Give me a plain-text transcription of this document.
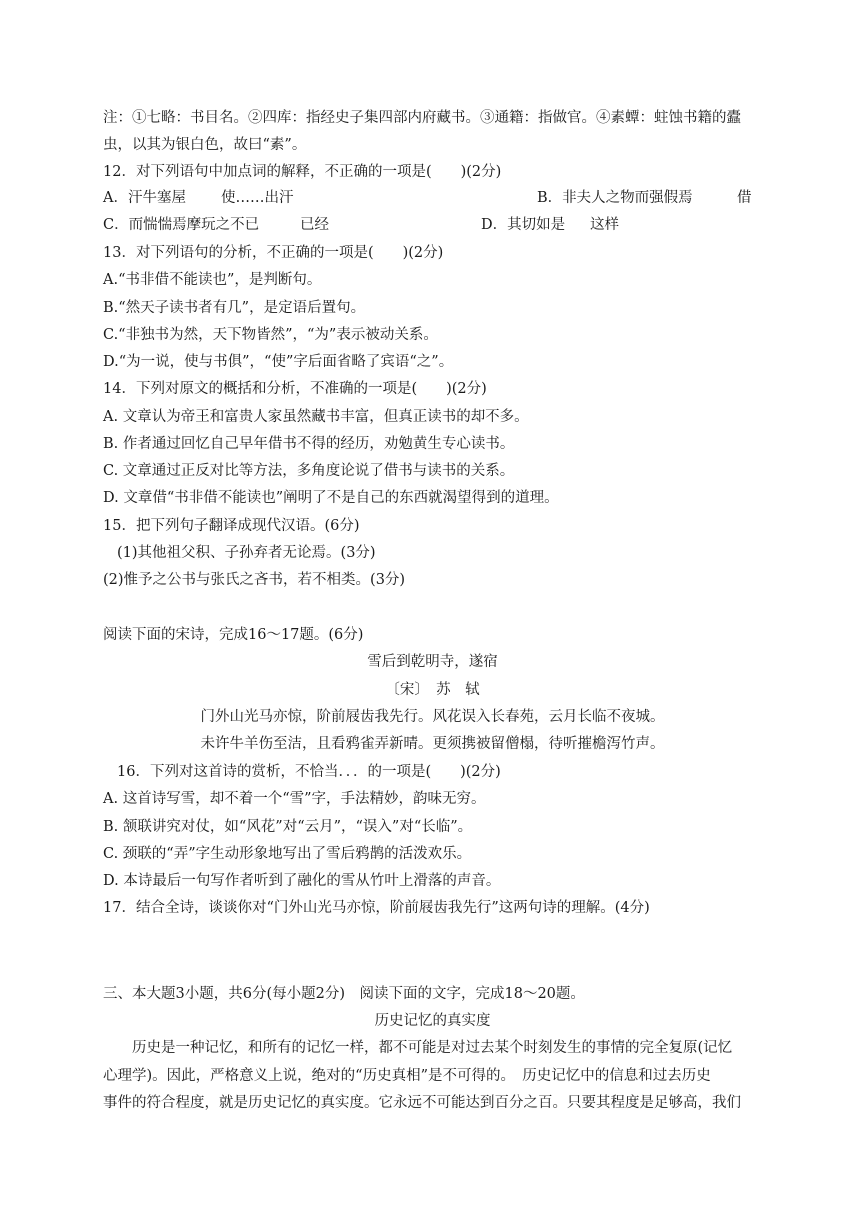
注：①七略：书目名。②四库：指经史子集四部内府藏书。③通籍：指做官。④素蟫：蛀蚀书籍的蠹
虫，以其为银白色，故曰“素”。
12．对下列语句中加点词的解释，不正确的一项是(　　)(2分)
A．汗牛塞屋 使……出汗	B．非夫人之物而强假焉	借
C．而惴惴焉摩玩之不已	已经	D．其切如是 这样
13．对下列语句的分析，不正确的一项是(　　)(2分)
A.“书非借不能读也”，是判断句。
B.“然天子读书者有几”，是定语后置句。
C.“非独书为然，天下物皆然”，“为”表示被动关系。
D.“为一说，使与书俱”，“使”字后面省略了宾语“之”。
14．下列对原文的概括和分析，不准确的一项是(　　)(2分)
A. 文章认为帝王和富贵人家虽然藏书丰富，但真正读书的却不多。
B. 作者通过回忆自己早年借书不得的经历，劝勉黄生专心读书。
C. 文章通过正反对比等方法，多角度论说了借书与读书的关系。
D. 文章借“书非借不能读也”阐明了不是自己的东西就渴望得到的道理。
15．把下列句子翻译成现代汉语。(6分)
(1)其他祖父积、子孙弃者无论焉。(3分)
(2)惟予之公书与张氏之吝书，若不相类。(3分)
阅读下面的宋诗，完成16～17题。(6分)
雪后到乾明寺，遂宿
〔宋〕　苏　轼
门外山光马亦惊，阶前屐齿我先行。风花误入长春苑，云月长临不夜城。
未许牛羊伤至洁，且看鸦雀弄新晴。更须携被留僧榻，待听摧檐泻竹声。
16．下列对这首诗的赏析，不恰当．．．的一项是(　　)(2分)
A. 这首诗写雪，却不着一个“雪”字，手法精妙，韵味无穷。
B. 颔联讲究对仗，如“风花”对“云月”，“误入”对“长临”。
C. 颈联的“弄”字生动形象地写出了雪后鸦鹊的活泼欢乐。
D. 本诗最后一句写作者听到了融化的雪从竹叶上滑落的声音。
17．结合全诗，谈谈你对“门外山光马亦惊，阶前屐齿我先行”这两句诗的理解。(4分)
三、本大题3小题，共6分(每小题2分)　阅读下面的文字，完成18～20题。
历史记忆的真实度
　　历史是一种记忆，和所有的记忆一样，都不可能是对过去某个时刻发生的事情的完全复原(记忆
心理学)。因此，严格意义上说，绝对的“历史真相”是不可得的。　历史记忆中的信息和过去历史
事件的符合程度，就是历史记忆的真实度。它永远不可能达到百分之百。只要其程度是足够高，我们
